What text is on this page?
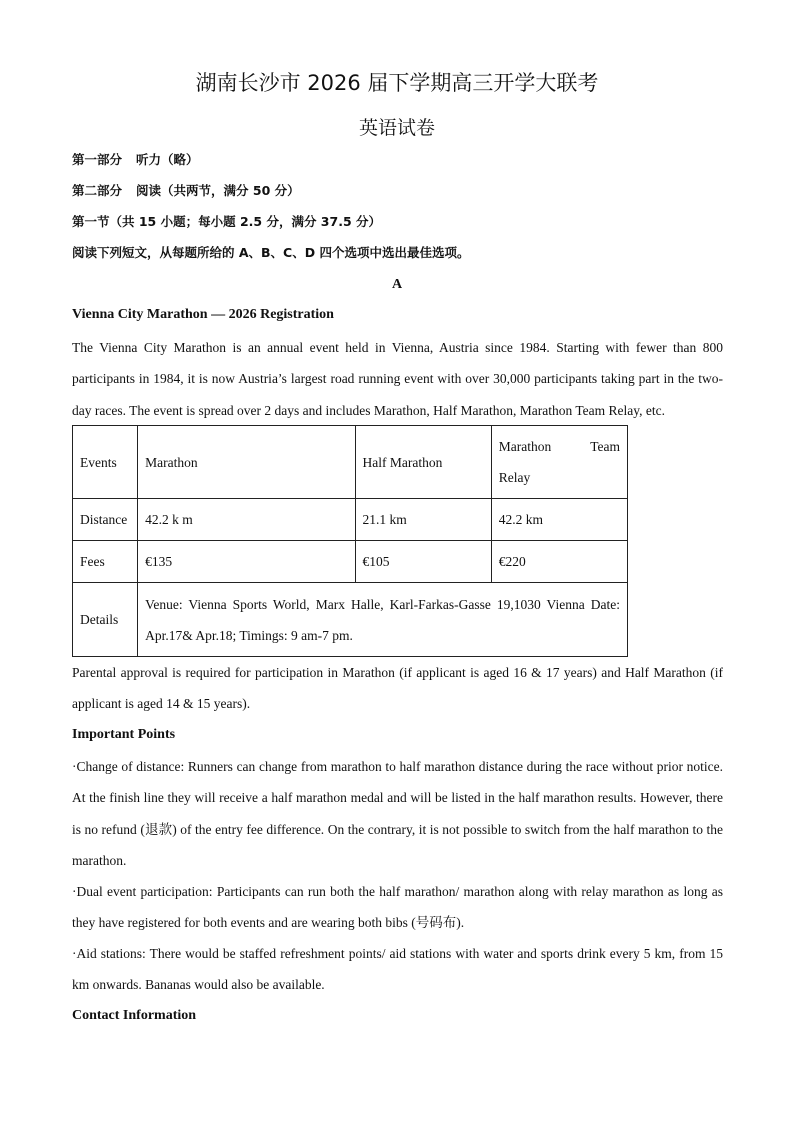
湖南长沙市 2026 届下学期高三开学大联考
英语试卷
第一部分 听力（略）
第二部分 阅读（共两节，满分 50 分）
第一节（共 15 小题；每小题 2.5 分，满分 37.5 分）
阅读下列短文，从每题所给的 A、B、C、D 四个选项中选出最佳选项。
A
Vienna City Marathon — 2026 Registration
The Vienna City Marathon is an annual event held in Vienna, Austria since 1984. Starting with fewer than 800 participants in 1984, it is now Austria’s largest road running event with over 30,000 participants taking part in the two-day races. The event is spread over 2 days and includes Marathon, Half Marathon, Marathon Team Relay, etc.
Events	Marathon	Half Marathon	Marathon Team
Relay

Distance	42.2 k m	21.1 km	42.2 km
Fees	€135	€105	€220
Details	Venue: Vienna Sports World, Marx Halle, Karl-Farkas-Gasse 19,1030 Vienna Date: Apr.17& Apr.18; Timings: 9 am-7 pm.		
Parental approval is required for participation in Marathon (if applicant is aged 16 & 17 years) and Half Marathon (if applicant is aged 14 & 15 years).
Important Points
·Change of distance: Runners can change from marathon to half marathon distance during the race without prior notice. At the finish line they will receive a half marathon medal and will be listed in the half marathon results. However, there is no refund (退款) of the entry fee difference. On the contrary, it is not possible to switch from the half marathon to the marathon.
·Dual event participation: Participants can run both the half marathon/ marathon along with relay marathon as long as they have registered for both events and are wearing both bibs (号码布).
·Aid stations: There would be staffed refreshment points/ aid stations with water and sports drink every 5 km, from 15 km onwards. Bananas would also be available.
Contact Information
